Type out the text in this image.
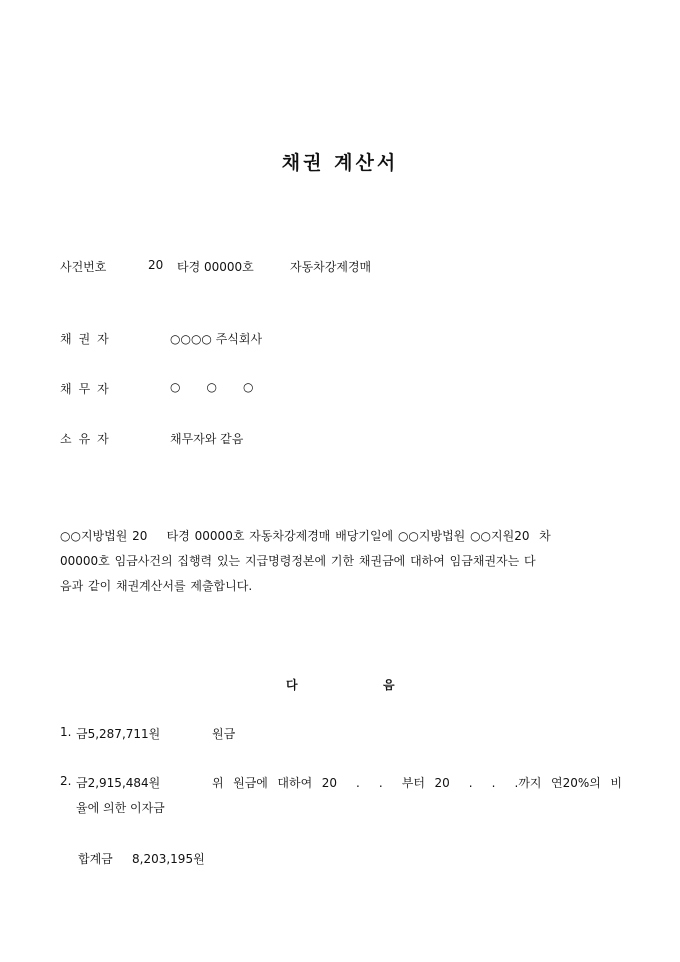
채권 계산서
사건번호	20 타경 00000호	자동차강제경매
채권자	○○○○ 주식회사
채무자	○ ○ ○
소유자	채무자와 같음
○○지방법원 20    타경 00000호 자동차강제경매 배당기일에 ○○지방법원 ○○지원20  차
00000호 임금사건의 집행력 있는 지급명령정본에 기한 채권금에 대하여 임금채권자는 다
음과 같이 채권계산서를 제출합니다.
다	음
1. 금5,287,711원	원금
2. 금2,915,484원	위 원금에 대하여 20  .  .  부터 20  .  .  .까지 연20%의 비
율에 의한 이자금
합계금 8,203,195원
